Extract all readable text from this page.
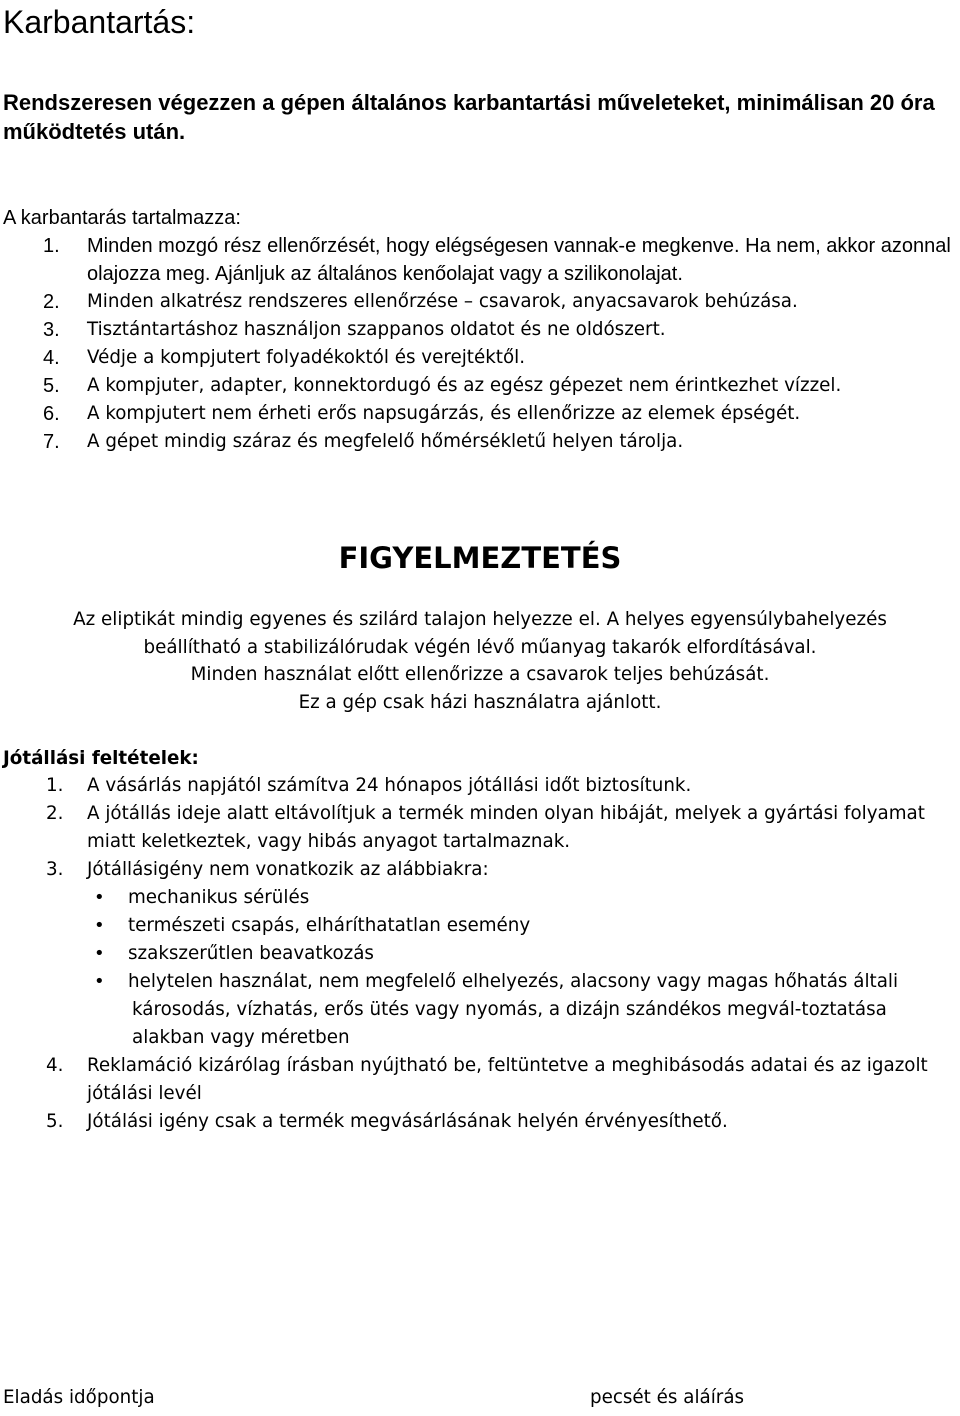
Karbantartás:

Rendszeresen végezzen a gépen általános karbantartási műveleteket, minimálisan 20 óra működtetés után.

A karbantarás tartalmazza:

1. Minden mozgó rész ellenőrzését, hogy elégségesen vannak-e megkenve. Ha nem, akkor azonnal olajozza meg. Ajánljuk az általános kenőolajat vagy a szilikonolajat.
2. Minden alkatrész rendszeres ellenőrzése – csavarok, anyacsavarok behúzása.
3. Tisztántartáshoz használjon szappanos oldatot és ne oldószert.
4. Védje a kompjutert folyadékoktól és verejtéktől.
5. A kompjuter, adapter, konnektordugó és az egész gépezet nem érintkezhet vízzel.
6. A kompjutert nem érheti erős napsugárzás, és ellenőrizze az elemek épségét.
7. A gépet mindig száraz és megfelelő hőmérsékletű helyen tárolja.
FIGYELMEZTETÉS

Az eliptikát mindig egyenes és szilárd talajon helyezze el. A helyes egyensúlybahelyezés
beállítható a stabilizálórudak végén lévő műanyag takarók elfordításával.
Minden használat előtt ellenőrizze a csavarok teljes behúzását.
Ez a gép csak házi használatra ajánlott.

Jótállási feltételek:
1. A vásárlás napjától számítva 24 hónapos jótállási időt biztosítunk.
2. A jótállás ideje alatt eltávolítjuk a termék minden olyan hibáját, melyek a gyártási folyamat miatt keletkeztek, vagy hibás anyagot tartalmaznak.
3. Jótállásigény nem vonatkozik az alábbiakra:
• mechanikus sérülés
• természeti csapás, elháríthatatlan esemény
• szakszerűtlen beavatkozás
• helytelen használat, nem megfelelő elhelyezés, alacsony vagy magas hőhatás általi károsodás, vízhatás, erős ütés vagy nyomás, a dizájn szándékos megvál-toztatása alakban vagy méretben
4. Reklamáció kizárólag írásban nyújtható be, feltüntetve a meghibásodás adatai és az igazolt jótálási levél
5. Jótálási igény csak a termék megvásárlásának helyén érvényesíthető.

Eladás időpontja	pecsét és aláírás
